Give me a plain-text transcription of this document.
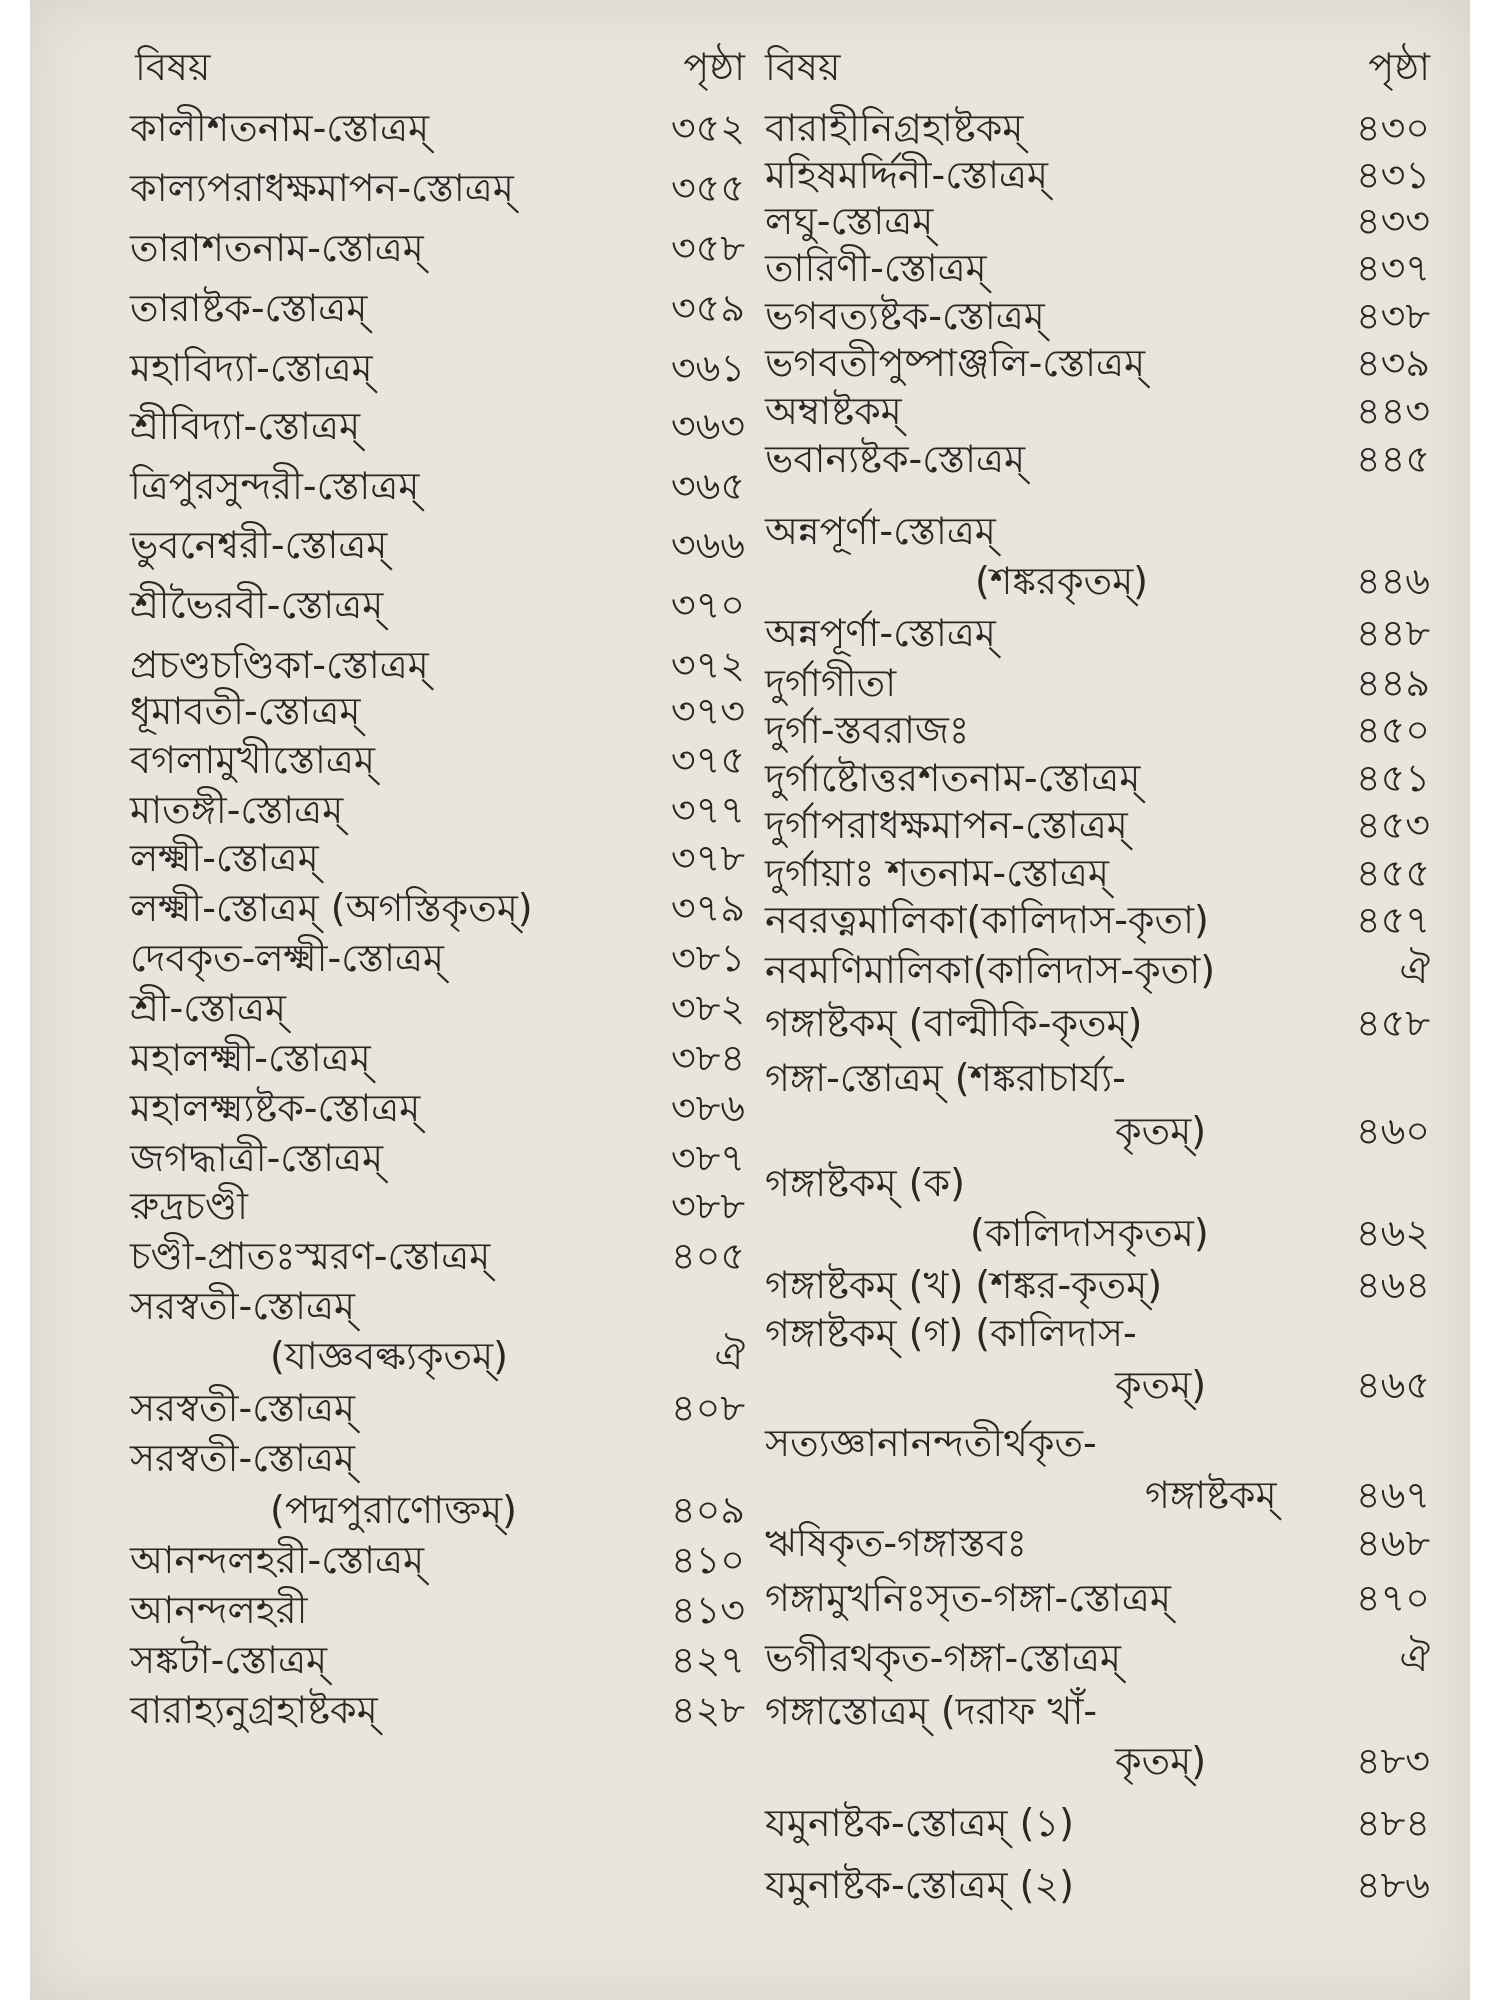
বিষয়	পৃষ্ঠা
কালীশতনাম-স্তোত্রম্	৩৫২
কাল্যপরাধক্ষমাপন-স্তোত্রম্	৩৫৫
তারাশতনাম-স্তোত্রম্	৩৫৮
তারাষ্টক-স্তোত্রম্	৩৫৯
মহাবিদ্যা-স্তোত্রম্	৩৬১
শ্রীবিদ্যা-স্তোত্রম্	৩৬৩
ত্রিপুরসুন্দরী-স্তোত্রম্	৩৬৫
ভুবনেশ্বরী-স্তোত্রম্	৩৬৬
শ্রীভৈরবী-স্তোত্রম্	৩৭০
প্রচণ্ডচণ্ডিকা-স্তোত্রম্	৩৭২
ধূমাবতী-স্তোত্রম্	৩৭৩
বগলামুখীস্তোত্রম্	৩৭৫
মাতঙ্গী-স্তোত্রম্	৩৭৭
লক্ষ্মী-স্তোত্রম্	৩৭৮
লক্ষ্মী-স্তোত্রম্ (অগস্তিকৃতম্)	৩৭৯
দেবকৃত-লক্ষ্মী-স্তোত্রম্	৩৮১
শ্রী-স্তোত্রম্	৩৮২
মহালক্ষ্মী-স্তোত্রম্	৩৮৪
মহালক্ষ্ম্যষ্টক-স্তোত্রম্	৩৮৬
জগদ্ধাত্রী-স্তোত্রম্	৩৮৭
রুদ্রচণ্ডী	৩৮৮
চণ্ডী-প্রাতঃস্মরণ-স্তোত্রম্	৪০৫
সরস্বতী-স্তোত্রম্
(যাজ্ঞবল্ক্যকৃতম্)	ঐ
সরস্বতী-স্তোত্রম্	৪০৮
সরস্বতী-স্তোত্রম্
(পদ্মপুরাণোক্তম্)	৪০৯
আনন্দলহরী-স্তোত্রম্	৪১০
আনন্দলহরী	৪১৩
সঙ্কটা-স্তোত্রম্	৪২৭
বারাহ্যনুগ্রহাষ্টকম্	৪২৮
বিষয়	পৃষ্ঠা
বারাহীনিগ্রহাষ্টকম্	৪৩০
মহিষমর্দ্দিনী-স্তোত্রম্	৪৩১
লঘু-স্তোত্রম্	৪৩৩
তারিণী-স্তোত্রম্	৪৩৭
ভগবত্যষ্টক-স্তোত্রম্	৪৩৮
ভগবতীপুষ্পাঞ্জলি-স্তোত্রম্	৪৩৯
অম্বাষ্টকম্	৪৪৩
ভবান্যষ্টক-স্তোত্রম্	৪৪৫
অন্নপূর্ণা-স্তোত্রম্
(শঙ্করকৃতম্)	৪৪৬
অন্নপূর্ণা-স্তোত্রম্	৪৪৮
দুর্গাগীতা	৪৪৯
দুর্গা-স্তবরাজঃ	৪৫০
দুর্গাষ্টোত্তরশতনাম-স্তোত্রম্	৪৫১
দুর্গাপরাধক্ষমাপন-স্তোত্রম্	৪৫৩
দুর্গায়াঃ শতনাম-স্তোত্রম্	৪৫৫
নবরত্নমালিকা(কালিদাস-কৃতা)	৪৫৭
নবমণিমালিকা(কালিদাস-কৃতা)	ঐ
গঙ্গাষ্টকম্ (বাল্মীকি-কৃতম্)	৪৫৮
গঙ্গা-স্তোত্রম্ (শঙ্করাচার্য্য-
কৃতম্)	৪৬০
গঙ্গাষ্টকম্ (ক)
(কালিদাসকৃতম)	৪৬২
গঙ্গাষ্টকম্ (খ) (শঙ্কর-কৃতম্)	৪৬৪
গঙ্গাষ্টকম্ (গ) (কালিদাস-
কৃতম্)	৪৬৫
সত্যজ্ঞানানন্দতীর্থকৃত-
গঙ্গাষ্টকম্ ৪৬৭
ঋষিকৃত-গঙ্গাস্তবঃ	৪৬৮
গঙ্গামুখনিঃসৃত-গঙ্গা-স্তোত্রম্	৪৭০
ভগীরথকৃত-গঙ্গা-স্তোত্রম্	ঐ
গঙ্গাস্তোত্রম্ (দরাফ খাঁ-
কৃতম্)	৪৮৩
যমুনাষ্টক-স্তোত্রম্ (১)	৪৮৪
যমুনাষ্টক-স্তোত্রম্ (২)	৪৮৬
